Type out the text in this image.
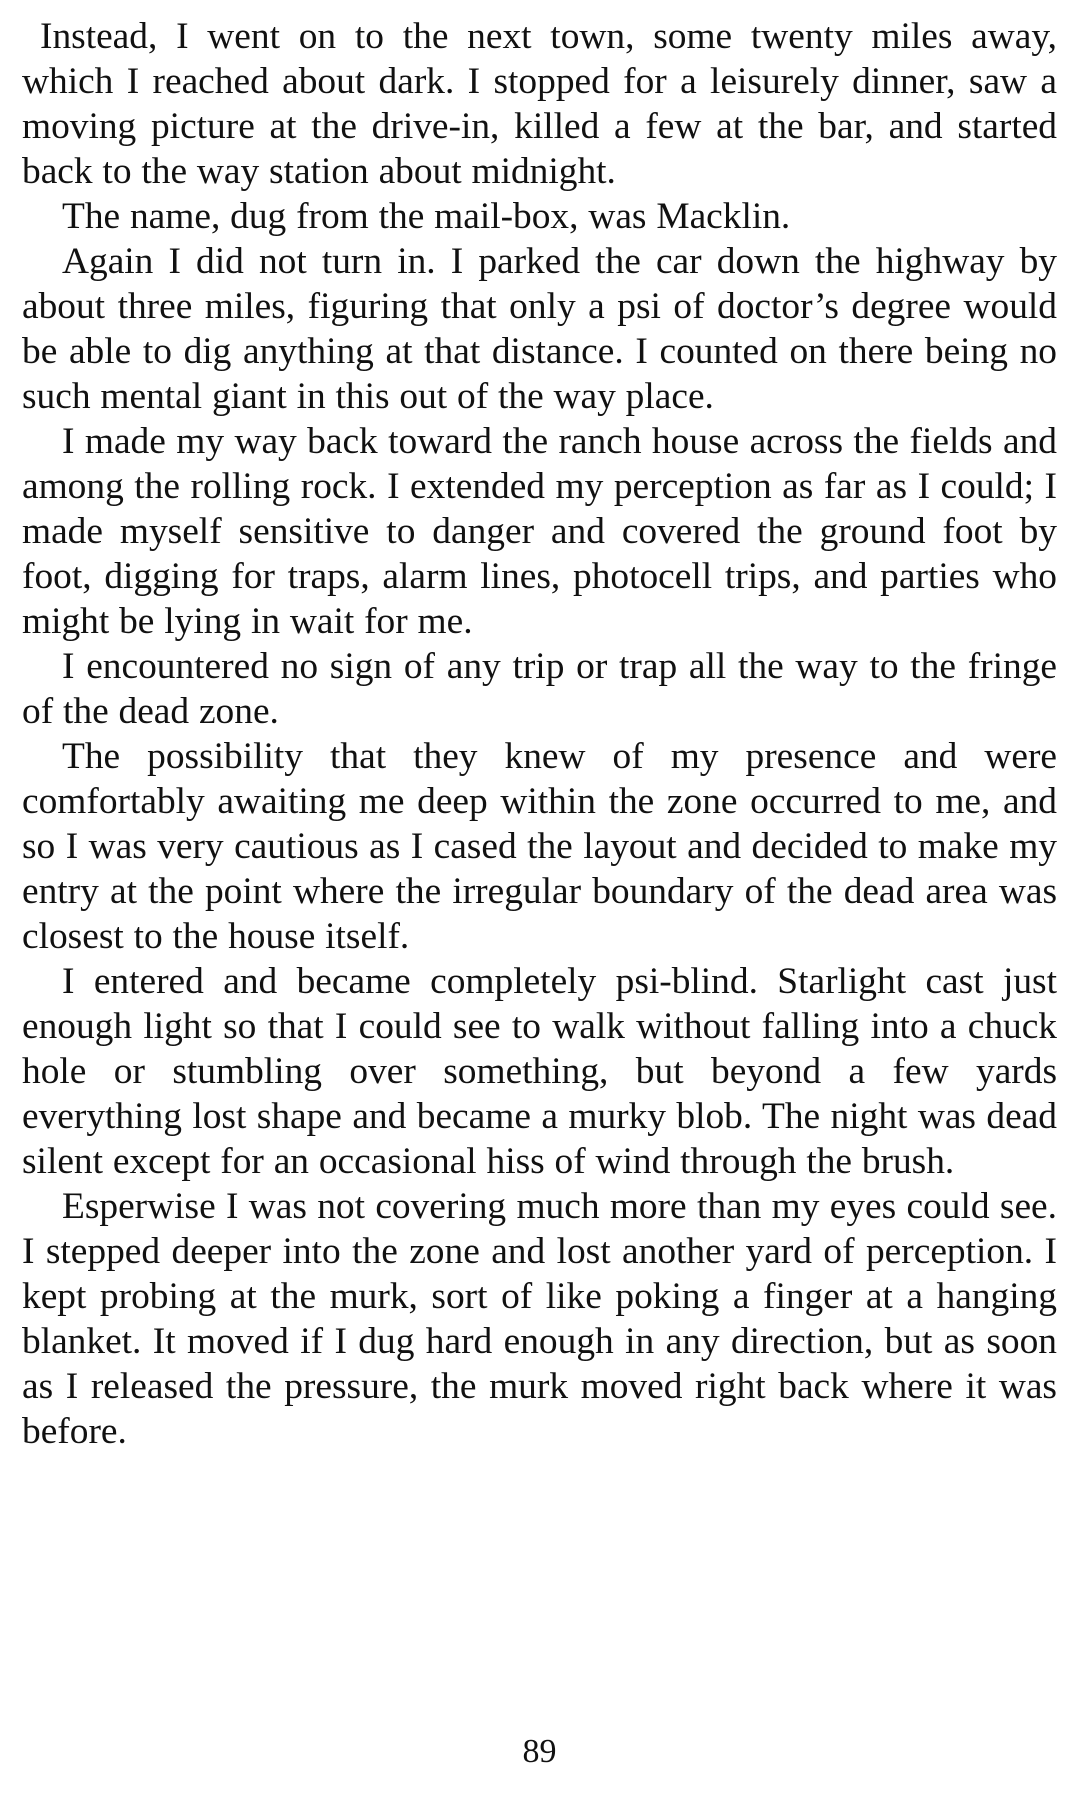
Instead, I went on to the next town, some twenty miles away, which I reached about dark. I stopped for a leisurely dinner, saw a moving picture at the drive-in, killed a few at the bar, and started back to the way station about midnight.

The name, dug from the mail-box, was Macklin.

Again I did not turn in. I parked the car down the highway by about three miles, figuring that only a psi of doctor’s degree would be able to dig anything at that distance. I counted on there being no such mental giant in this out of the way place.

I made my way back toward the ranch house across the fields and among the rolling rock. I extended my perception as far as I could; I made myself sensitive to danger and covered the ground foot by foot, digging for traps, alarm lines, photocell trips, and parties who might be lying in wait for me.

I encountered no sign of any trip or trap all the way to the fringe of the dead zone.

The possibility that they knew of my presence and were comfortably awaiting me deep within the zone occurred to me, and so I was very cautious as I cased the layout and decided to make my entry at the point where the irregular boundary of the dead area was closest to the house itself.

I entered and became completely psi-blind. Starlight cast just enough light so that I could see to walk without falling into a chuck hole or stumbling over something, but beyond a few yards everything lost shape and became a murky blob. The night was dead silent except for an occasional hiss of wind through the brush.

Esperwise I was not covering much more than my eyes could see. I stepped deeper into the zone and lost another yard of perception. I kept probing at the murk, sort of like poking a finger at a hanging blanket. It moved if I dug hard enough in any direction, but as soon as I released the pressure, the murk moved right back where it was before.

89
